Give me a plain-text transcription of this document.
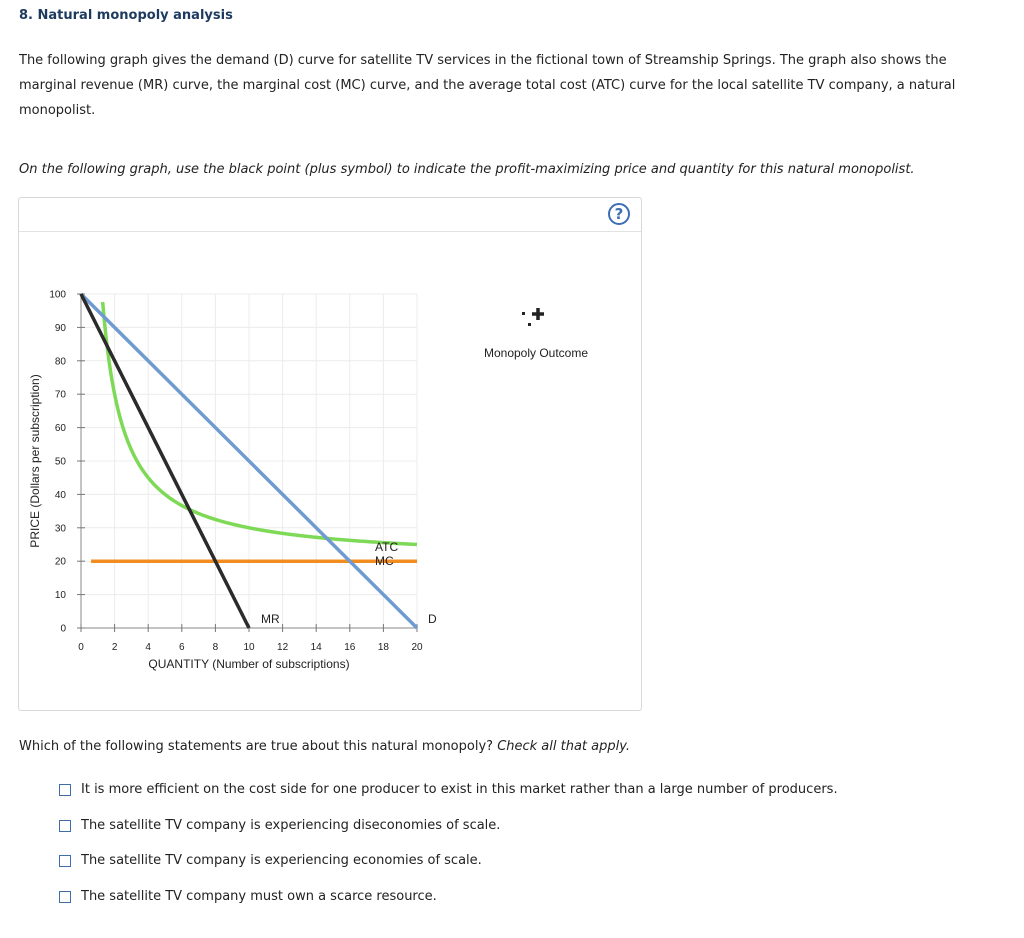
8. Natural monopoly analysis
The following graph gives the demand (D) curve for satellite TV services in the fictional town of Streamship Springs. The graph also shows the marginal revenue (MR) curve, the marginal cost (MC) curve, and the average total cost (ATC) curve for the local satellite TV company, a natural monopolist.
On the following graph, use the black point (plus symbol) to indicate the profit-maximizing price and quantity for this natural monopolist.
?
0
10
20
30
40
50
60
70
80
90
100
0	2	4	6	8	10 12 14 16 18 20
QUANTITY (Number of subscriptions)
PRICE (Dollars per subscription)	ATC
MC
MR	D
Monopoly Outcome
Which of the following statements are true about this natural monopoly? Check all that apply.
It is more efficient on the cost side for one producer to exist in this market rather than a large number of producers.
The satellite TV company is experiencing diseconomies of scale.
The satellite TV company is experiencing economies of scale.
The satellite TV company must own a scarce resource.
